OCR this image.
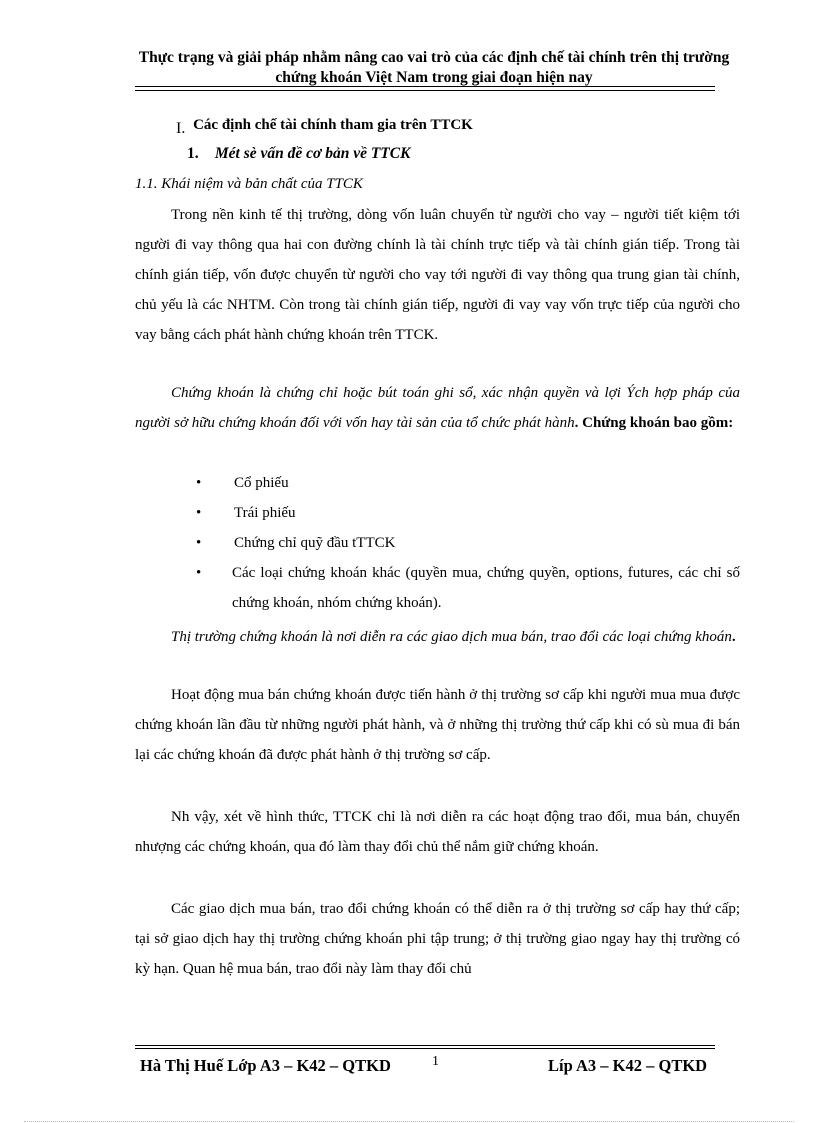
Thực trạng và giải pháp nhằm nâng cao vai trò của các định chế tài chính trên thị trường chứng khoán Việt Nam trong giai đoạn hiện nay
I. Các định chế tài chính tham gia trên TTCK
1. Mét sè vấn đề cơ bản về TTCK
1.1. Khái niệm và bản chất của TTCK
Trong nền kinh tế thị trường, dòng vốn luân chuyển từ người cho vay – người tiết kiệm tới người đi vay thông qua hai con đường chính là tài chính trực tiếp và tài chính gián tiếp. Trong tài chính gián tiếp, vốn được chuyển từ người cho vay tới người đi vay thông qua trung gian tài chính, chủ yếu là các NHTM. Còn trong tài chính gián tiếp, người đi vay vay vốn trực tiếp của người cho vay bằng cách phát hành chứng khoán trên TTCK.
Chứng khoán là chứng chỉ hoặc bút toán ghi sổ, xác nhận quyền và lợi Ých hợp pháp của người sở hữu chứng khoán đối với vốn hay tài sản của tổ chức phát hành. Chứng khoán bao gồm:
• Cổ phiếu
• Trái phiếu
• Chứng chỉ quỹ đầu tTTCK
• Các loại chứng khoán khác (quyền mua, chứng quyền, options, futures, các chỉ số chứng khoán, nhóm chứng khoán).
Thị trường chứng khoán là nơi diễn ra các giao dịch mua bán, trao đổi các loại chứng khoán.
Hoạt động mua bán chứng khoán được tiến hành ở thị trường sơ cấp khi người mua mua được chứng khoán lần đầu từ những người phát hành, và ở những thị trường thứ cấp khi có sù mua đi bán lại các chứng khoán đã được phát hành ở thị trường sơ cấp.
Nh vậy, xét về hình thức, TTCK chỉ là nơi diễn ra các hoạt động trao đổi, mua bán, chuyển nhượng các chứng khoán, qua đó làm thay đổi chủ thể nắm giữ chứng khoán.
Các giao dịch mua bán, trao đổi chứng khoán có thể diễn ra ở thị trường sơ cấp hay thứ cấp; tại sở giao dịch hay thị trường chứng khoán phi tập trung; ở thị trường giao ngay hay thị trường có kỳ hạn. Quan hệ mua bán, trao đổi này làm thay đổi chủ
Hà Thị Huế Lớp A3 – K42 – QTKD	1	Líp A3 – K42 – QTKD
